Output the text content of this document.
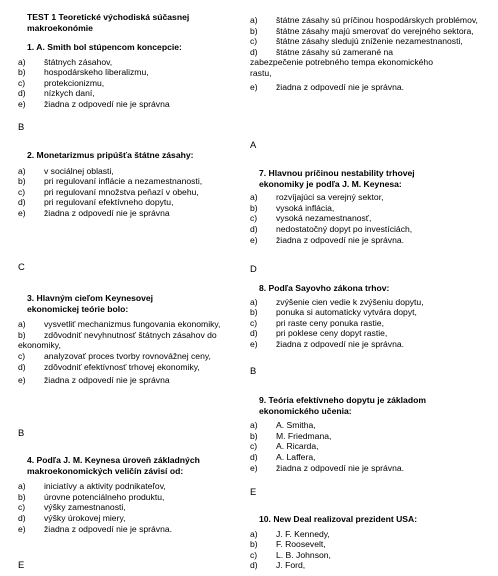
TEST 1 Teoretické východiská súčasnej makroekonómie

1. A. Smith bol stúpencom koncepcie:

a)	štátnych zásahov,
b)	hospodárskeho liberalizmu,
c)	protekcionizmu,
d)	nízkych daní,
e)	žiadna z odpovedí nie je správna
B

2. Monetarizmus pripúšťa štátne zásahy:

a)	v sociálnej oblasti,
b) pri regulovaní inflácie a nezamestnanosti,
c) pri regulovaní množstva peňazí v obehu,
d)	pri regulovaní efektívneho dopytu,
e)	žiadna z odpovedí nie je správna
C

3. Hlavným cieľom Keynesovej ekonomickej teórie bolo:

a) vysvetliť mechanizmus fungovania ekonomiky,
b) zdôvodniť nevyhnutnosť štátnych zásahov do ekonomiky,
c) analyzovať proces tvorby rovnovážnej ceny,
d) zdôvodniť efektívnosť trhovej ekonomiky,
e)	žiadna z odpovedí nie je správna
B

4. Podľa J. M. Keynesa úroveň základných makroekonomických veličín závisí od:

a)	iniciatívy a aktivity podnikateľov,
b)	úrovne potenciálneho produktu,
c)	výšky zamestnanosti,
d)	výšky úrokovej miery,
e)	žiadna z odpovedí nie je správna.
E
a) štátne zásahy sú príčinou hospodárskych problémov,
b) štátne zásahy majú smerovať do verejného sektora,
c) štátne zásahy sledujú zníženie nezamestnanosti,
d) štátne zásahy sú zamerané na zabezpečenie potrebného tempa ekonomického rastu,
e)	žiadna z odpovedí nie je správna.
A

7. Hlavnou príčinou nestability trhovej ekonomiky je podľa J. M. Keynesa:

a)	rozvíjajúci sa verejný sektor,
b)	vysoká inflácia,
c)	vysoká nezamestnanosť,
d)	nedostatočný dopyt po investíciách,
e)	žiadna z odpovedí nie je správna.
D

8. Podľa Sayovho zákona trhov:

a)	zvýšenie cien vedie k zvýšeniu dopytu,
b)	ponuka si automaticky vytvára dopyt,
c)	pri raste ceny ponuka rastie,
d)	pri poklese ceny dopyt rastie,
e)	žiadna z odpovedí nie je správna.
B

9. Teória efektívneho dopytu je základom ekonomického učenia:

a)	A. Smitha,
b)	M. Friedmana,
c)	A. Ricarda,
d)	A. Laffera,
e)	žiadna z odpovedí nie je správna.
E

10. New Deal realizoval prezident USA:

a)	J. F. Kennedy,
b)	F. Roosevelt,
c)	L. B. Johnson,
d)	J. Ford,
